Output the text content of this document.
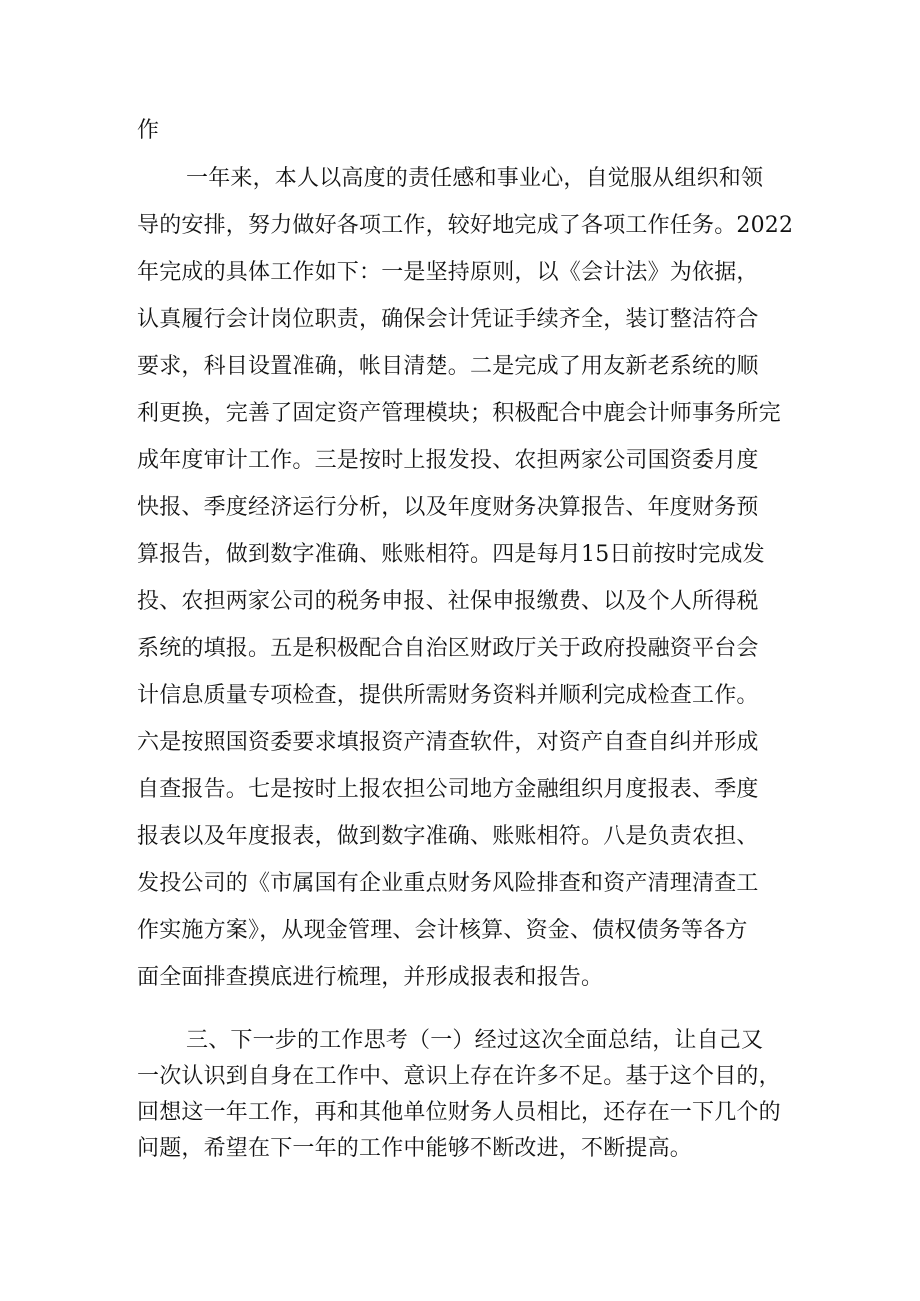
作

一年来，本人以高度的责任感和事业心，自觉服从组织和领

导的安排，努力做好各项工作，较好地完成了各项工作任务。2022

年完成的具体工作如下：一是坚持原则，以《会计法》为依据，

认真履行会计岗位职责，确保会计凭证手续齐全，装订整洁符合

要求，科目设置准确，帐目清楚。二是完成了用友新老系统的顺

利更换，完善了固定资产管理模块；积极配合中鹿会计师事务所完

成年度审计工作。三是按时上报发投、农担两家公司国资委月度

快报、季度经济运行分析，以及年度财务决算报告、年度财务预

算报告，做到数字准确、账账相符。四是每月15日前按时完成发

投、农担两家公司的税务申报、社保申报缴费、以及个人所得税

系统的填报。五是积极配合自治区财政厅关于政府投融资平台会

计信息质量专项检查，提供所需财务资料并顺利完成检查工作。

六是按照国资委要求填报资产清查软件，对资产自查自纠并形成

自查报告。七是按时上报农担公司地方金融组织月度报表、季度

报表以及年度报表，做到数字准确、账账相符。八是负责农担、

发投公司的《市属国有企业重点财务风险排查和资产清理清查工

作实施方案》，从现金管理、会计核算、资金、债权债务等各方

面全面排查摸底进行梳理，并形成报表和报告。

三、下一步的工作思考（一）经过这次全面总结，让自己又

一次认识到自身在工作中、意识上存在许多不足。基于这个目的，

回想这一年工作，再和其他单位财务人员相比，还存在一下几个的

问题，希望在下一年的工作中能够不断改进，不断提高。
